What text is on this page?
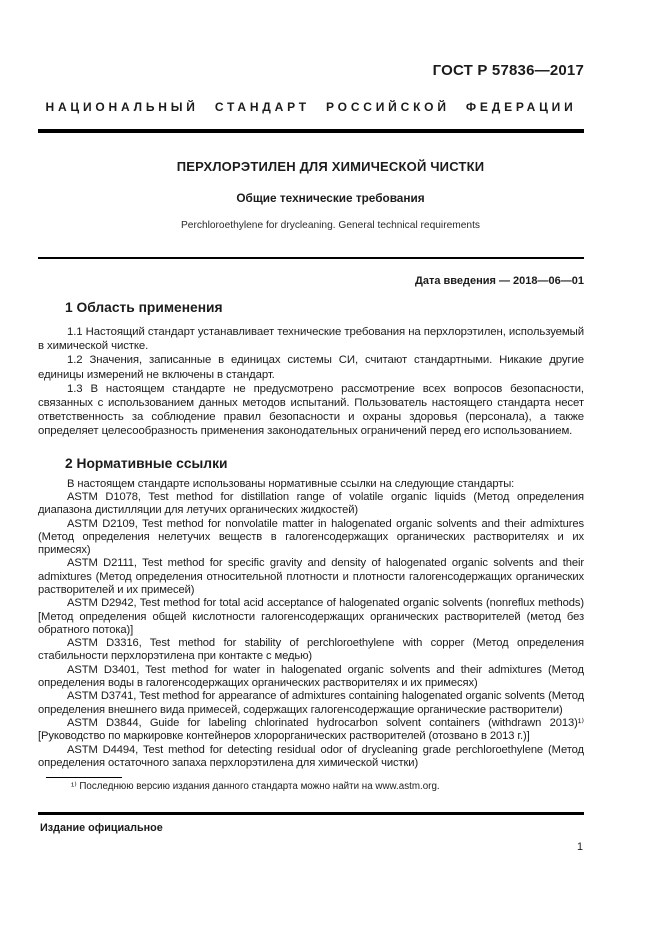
ГОСТ Р 57836—2017
НАЦИОНАЛЬНЫЙ СТАНДАРТ РОССИЙСКОЙ ФЕДЕРАЦИИ
ПЕРХЛОРЭТИЛЕН ДЛЯ ХИМИЧЕСКОЙ ЧИСТКИ
Общие технические требования
Perchloroethylene for drycleaning. General technical requirements
Дата введения — 2018—06—01
1 Область применения

1.1 Настоящий стандарт устанавливает технические требования на перхлорэтилен, используемый в химической чистке.

1.2 Значения, записанные в единицах системы СИ, считают стандартными. Никакие другие единицы измерений не включены в стандарт.

1.3 В настоящем стандарте не предусмотрено рассмотрение всех вопросов безопасности, связанных с использованием данных методов испытаний. Пользователь настоящего стандарта несет ответственность за соблюдение правил безопасности и охраны здоровья (персонала), а также определяет целесообразность применения законодательных ограничений перед его использованием.

2 Нормативные ссылки

В настоящем стандарте использованы нормативные ссылки на следующие стандарты:

ASTM D1078, Test method for distillation range of volatile organic liquids (Метод определения диапазона дистилляции для летучих органических жидкостей)

ASTM D2109, Test method for nonvolatile matter in halogenated organic solvents and their admixtures (Метод определения нелетучих веществ в галогенсодержащих органических растворителях и их примесях)

ASTM D2111, Test method for specific gravity and density of halogenated organic solvents and their admixtures (Метод определения относительной плотности и плотности галогенсодержащих органических растворителей и их примесей)

ASTM D2942, Test method for total acid acceptance of halogenated organic solvents (nonreflux methods) [Метод определения общей кислотности галогенсодержащих органических растворителей (метод без обратного потока)]

ASTM D3316, Test method for stability of perchloroethylene with copper (Метод определения стабильности перхлорэтилена при контакте с медью)

ASTM D3401, Test method for water in halogenated organic solvents and their admixtures (Метод определения воды в галогенсодержащих органических растворителях и их примесях)

ASTM D3741, Test method for appearance of admixtures containing halogenated organic solvents (Метод определения внешнего вида примесей, содержащих галогенсодержащие органические растворители)

ASTM D3844, Guide for labeling chlorinated hydrocarbon solvent containers (withdrawn 2013)¹⁾ [Руководство по маркировке контейнеров хлорорганических растворителей (отозвано в 2013 г.)]

ASTM D4494, Test method for detecting residual odor of drycleaning grade perchloroethylene (Метод определения остаточного запаха перхлорэтилена для химической чистки)

¹⁾ Последнюю версию издания данного стандарта можно найти на www.astm.org.

Издание официальное
1
